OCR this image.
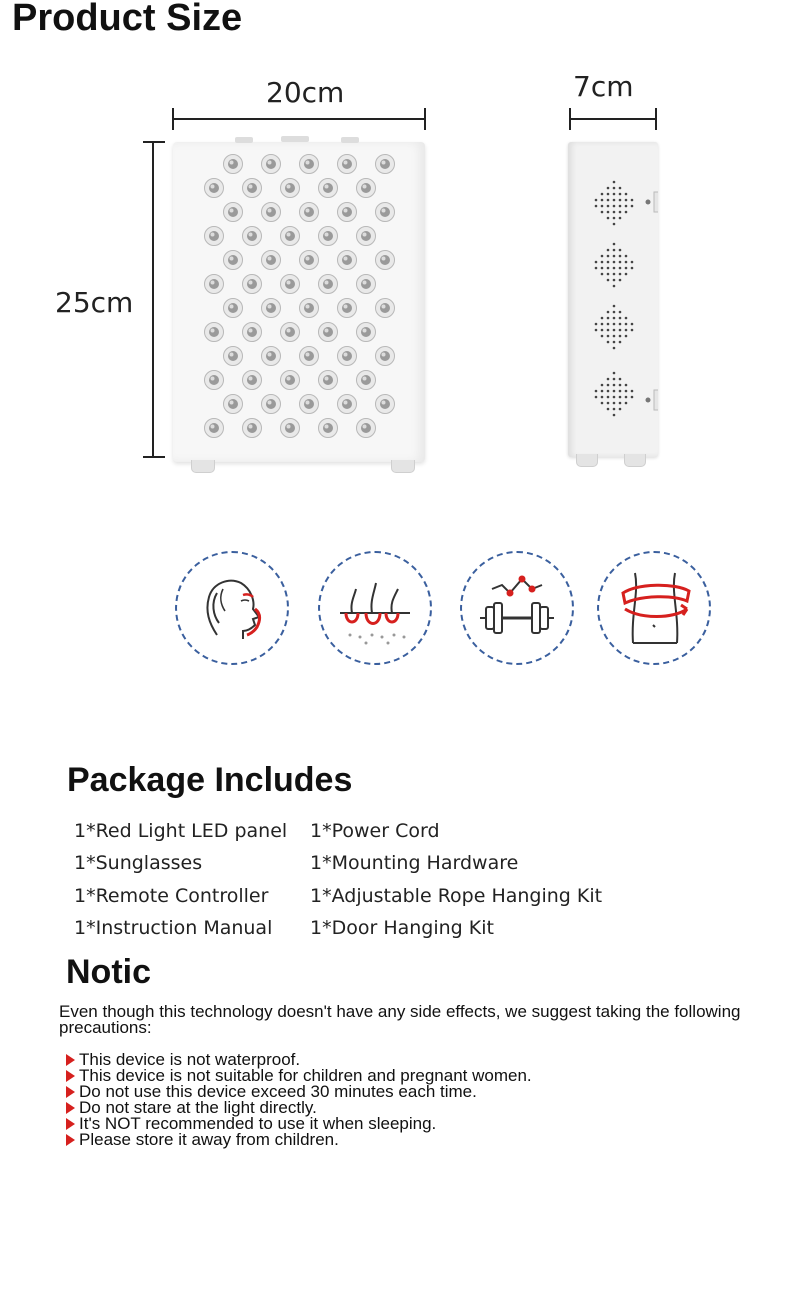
Product Size
20cm
25cm
7cm
Package Includes
1*Red Light LED panel
1*Sunglasses
1*Remote Controller
1*Instruction Manual
1*Power Cord
1*Mounting Hardware
1*Adjustable Rope Hanging Kit
1*Door Hanging Kit
Notic
Even though this technology doesn't have any side effects, we suggest taking the following precautions:
This device is not waterproof.
This device is not suitable for children and pregnant women.
Do not use this device exceed 30 minutes each time.
Do not stare at the light directly.
It's NOT recommended to use it when sleeping.
Please store it away from children.
